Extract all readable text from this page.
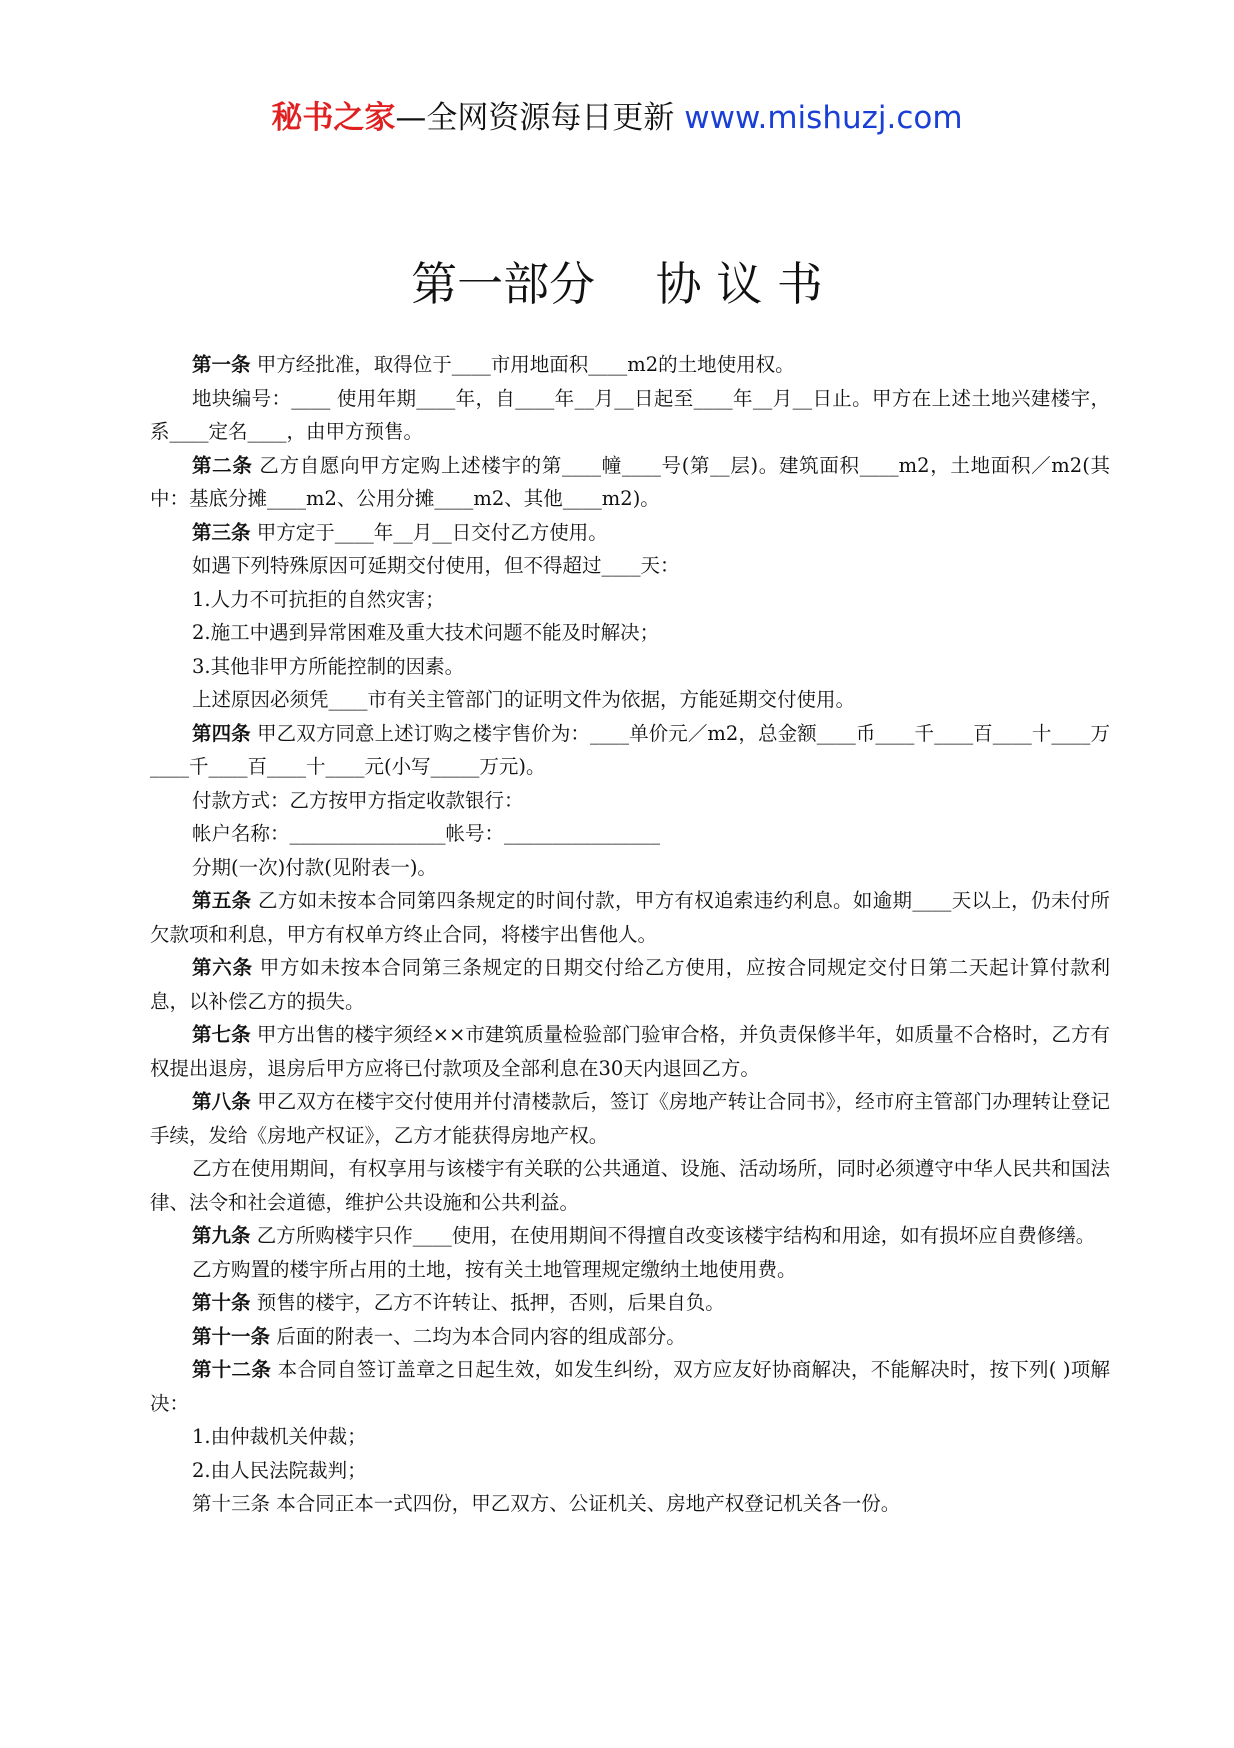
秘书之家—全网资源每日更新 www.mishuzj.com
第一部分　 协 议 书

第一条 甲方经批准，取得位于____市用地面积____m2的土地使用权。

地块编号：____ 使用年期____年，自____年__月__日起至____年__月__日止。甲方在上述土地兴建楼宇，系____定名____，由甲方预售。

第二条 乙方自愿向甲方定购上述楼宇的第____幢____号(第__层)。建筑面积____m2，土地面积／m2(其中：基底分摊____m2、公用分摊____m2、其他____m2)。

第三条 甲方定于____年__月__日交付乙方使用。

如遇下列特殊原因可延期交付使用，但不得超过____天：

1.人力不可抗拒的自然灾害；

2.施工中遇到异常困难及重大技术问题不能及时解决；

3.其他非甲方所能控制的因素。

上述原因必须凭____市有关主管部门的证明文件为依据，方能延期交付使用。

第四条 甲乙双方同意上述订购之楼宇售价为：____单价元／m2，总金额____币____千____百____十____万____千____百____十____元(小写_____万元)。

付款方式：乙方按甲方指定收款银行：

帐户名称：________________帐号：________________

分期(一次)付款(见附表一)。

第五条 乙方如未按本合同第四条规定的时间付款，甲方有权追索违约利息。如逾期____天以上，仍未付所欠款项和利息，甲方有权单方终止合同，将楼宇出售他人。

第六条 甲方如未按本合同第三条规定的日期交付给乙方使用，应按合同规定交付日第二天起计算付款利息，以补偿乙方的损失。

第七条 甲方出售的楼宇须经××市建筑质量检验部门验审合格，并负责保修半年，如质量不合格时，乙方有权提出退房，退房后甲方应将已付款项及全部利息在30天内退回乙方。

第八条 甲乙双方在楼宇交付使用并付清楼款后，签订《房地产转让合同书》，经市府主管部门办理转让登记手续，发给《房地产权证》，乙方才能获得房地产权。

乙方在使用期间，有权享用与该楼宇有关联的公共通道、设施、活动场所，同时必须遵守中华人民共和国法律、法令和社会道德，维护公共设施和公共利益。

第九条 乙方所购楼宇只作____使用，在使用期间不得擅自改变该楼宇结构和用途，如有损坏应自费修缮。

乙方购置的楼宇所占用的土地，按有关土地管理规定缴纳土地使用费。

第十条 预售的楼宇，乙方不许转让、抵押，否则，后果自负。

第十一条 后面的附表一、二均为本合同内容的组成部分。

第十二条 本合同自签订盖章之日起生效，如发生纠纷，双方应友好协商解决，不能解决时，按下列( )项解决：

1.由仲裁机关仲裁；

2.由人民法院裁判；

第十三条 本合同正本一式四份，甲乙双方、公证机关、房地产权登记机关各一份。
